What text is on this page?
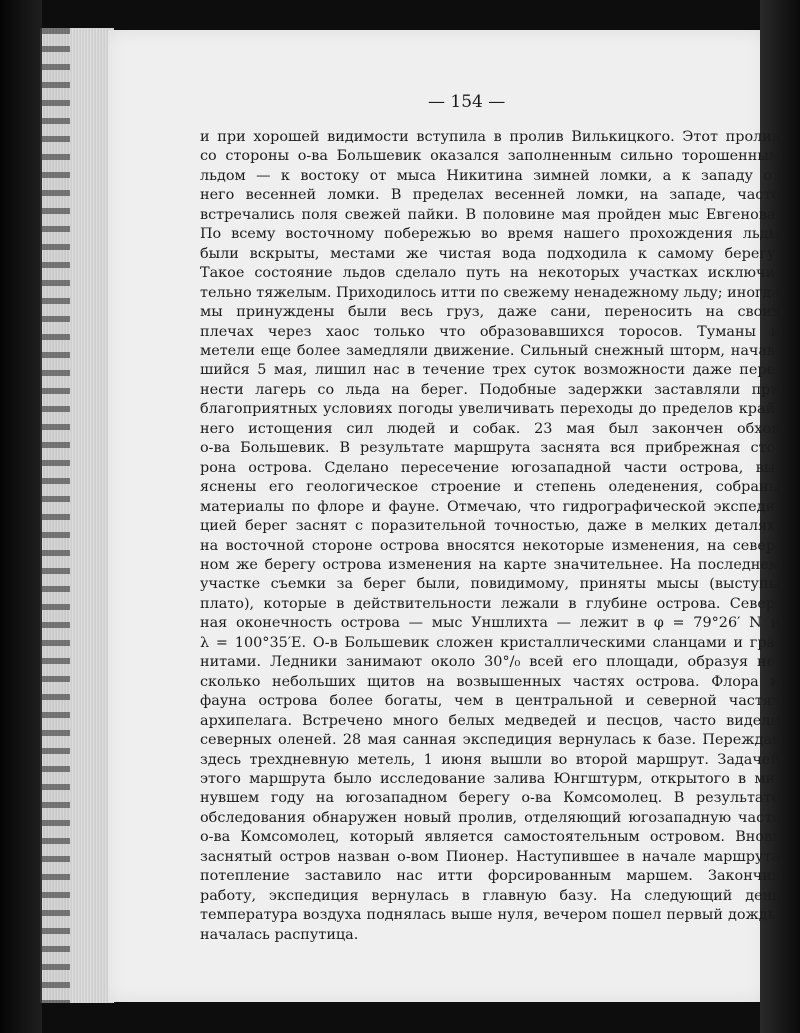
— 154 —
и при хорошей видимости вступила в пролив Вилькицкого. Этот пролив
со стороны о-ва Большевик оказался заполненным сильно торошенным
льдом — к востоку от мыса Никитина зимней ломки, а к западу от
него весенней ломки. В пределах весенней ломки, на западе, часто
встречались поля свежей пайки. В половине мая пройден мыс Евгенова.
По всему восточному побережью во время нашего прохождения льды
были вскрыты, местами же чистая вода подходила к самому берегу.
Такое состояние льдов сделало путь на некоторых участках исключи-
тельно тяжелым. Приходилось итти по свежему ненадежному льду; иногда
мы принуждены были весь груз, даже сани, переносить на своих
плечах через хаос только что образовавшихся торосов. Туманы и
метели еще более замедляли движение. Сильный снежный шторм, начав-
шийся 5 мая, лишил нас в течение трех суток возможности даже пере-
нести лагерь со льда на берег. Подобные задержки заставляли при
благоприятных условиях погоды увеличивать переходы до пределов край-
него истощения сил людей и собак. 23 мая был закончен обход
о-ва Большевик. В результате маршрута заснята вся прибрежная сто-
рона острова. Сделано пересечение югозападной части острова, вы-
яснены его геологическое строение и степень оледенения, собраны
материалы по флоре и фауне. Отмечаю, что гидрографической экспеди-
цией берег заснят с поразительной точностью, даже в мелких деталях;
на восточной стороне острова вносятся некоторые изменения, на север-
ном же берегу острова изменения на карте значительнее. На последнем
участке съемки за берег были, повидимому, приняты мысы (выступы
плато), которые в действительности лежали в глубине острова. Север-
ная оконечность острова — мыс Уншлихта — лежит в φ = 79°26′ N и
λ = 100°35′E. О-в Большевик сложен кристаллическими сланцами и гра-
нитами. Ледники занимают около 30°/₀ всей его площади, образуя не-
сколько небольших щитов на возвышенных частях острова. Флора и
фауна острова более богаты, чем в центральной и северной частях
архипелага. Встречено много белых медведей и песцов, часто видели
северных оленей. 28 мая санная экспедиция вернулась к базе. Переждав
здесь трехдневную метель, 1 июня вышли во второй маршрут. Задачей
этого маршрута было исследование залива Юнгштурм, открытого в ми-
нувшем году на югозападном берегу о-ва Комсомолец. В результате
обследования обнаружен новый пролив, отделяющий югозападную часть
о-ва Комсомолец, который является самостоятельным островом. Вновь
заснятый остров назван о-вом Пионер. Наступившее в начале маршрута
потепление заставило нас итти форсированным маршем. Закончив
работу, экспедиция вернулась в главную базу. На следующий день
температура воздуха поднялась выше нуля, вечером пошел первый дождь,
началась распутица.
